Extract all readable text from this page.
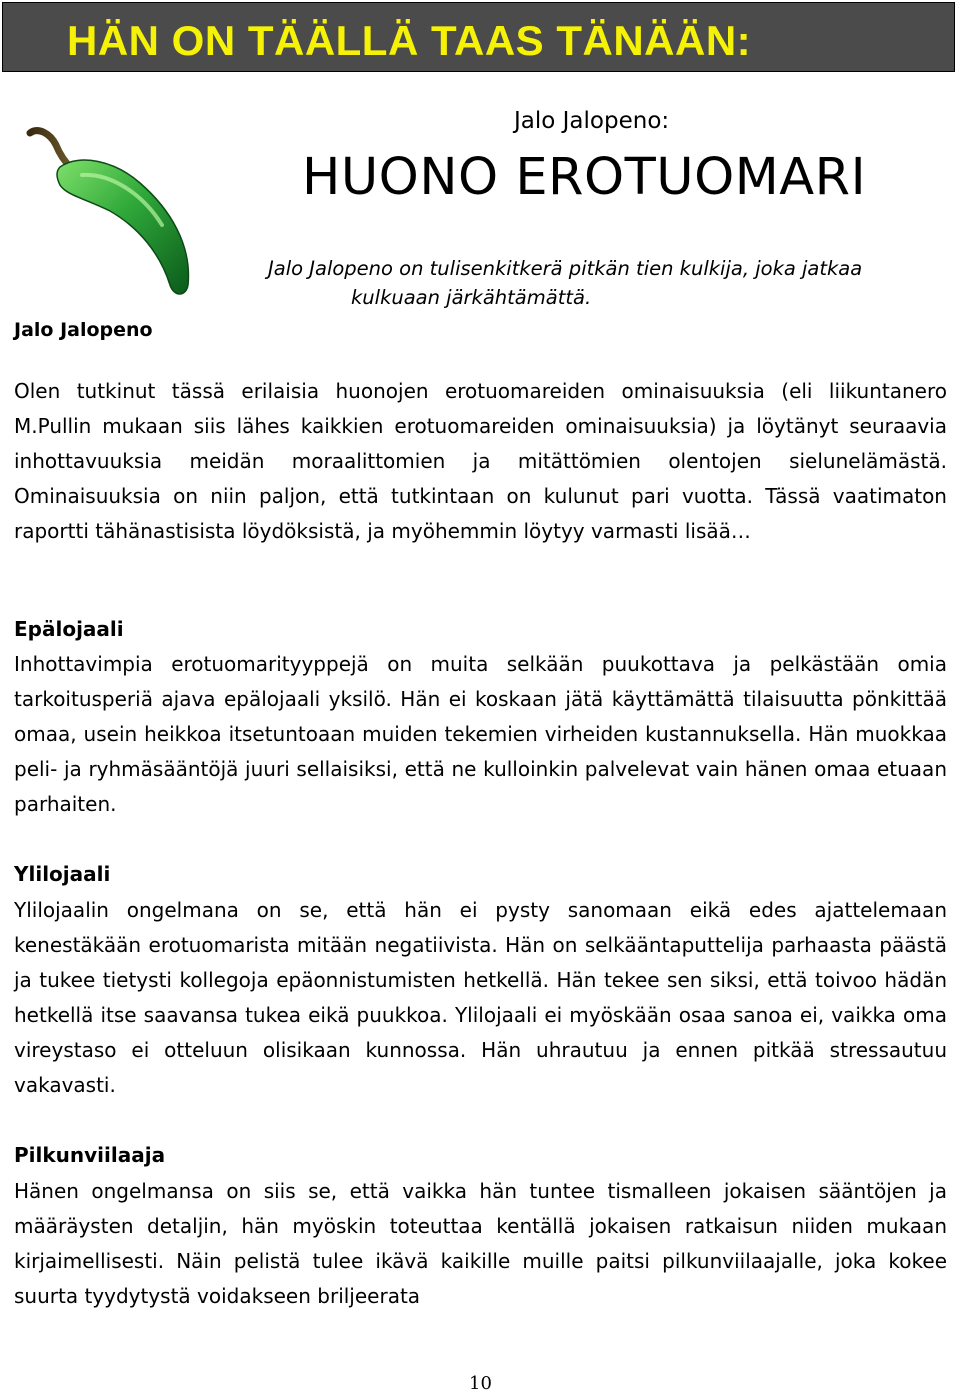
HÄN ON TÄÄLLÄ TAAS TÄNÄÄN:
Jalo Jalopeno
Jalo Jalopeno:
HUONO EROTUOMARI
Jalo Jalopeno on tulisenkitkerä pitkän tien kulkija, joka jatkaa
kulkuaan järkähtämättä.
Olen tutkinut tässä erilaisia huonojen erotuomareiden ominaisuuksia (eli liikuntanero M.Pullin mukaan siis lähes kaikkien erotuomareiden ominaisuuksia) ja löytänyt seuraavia inhottavuuksia meidän moraalittomien ja mitättömien olentojen sielunelämästä. Ominaisuuksia on niin paljon, että tutkintaan on kulunut pari vuotta. Tässä vaatimaton raportti tähänastisista löydöksistä, ja myöhemmin löytyy varmasti lisää…
Epälojaali
Inhottavimpia erotuomarityyppejä on muita selkään puukottava ja pelkästään omia tarkoitusperiä ajava epälojaali yksilö. Hän ei koskaan jätä käyttämättä tilaisuutta pönkittää omaa, usein heikkoa itsetuntoaan muiden tekemien virheiden kustannuksella. Hän muokkaa peli- ja ryhmäsääntöjä juuri sellaisiksi, että ne kulloinkin palvelevat vain hänen omaa etuaan parhaiten.
Ylilojaali
Ylilojaalin ongelmana on se, että hän ei pysty sanomaan eikä edes ajattelemaan kenestäkään erotuomarista mitään negatiivista. Hän on selkääntaputtelija parhaasta päästä ja tukee tietysti kollegoja epäonnistumisten hetkellä. Hän tekee sen siksi, että toivoo hädän hetkellä itse saavansa tukea eikä puukkoa. Ylilojaali ei myöskään osaa sanoa ei, vaikka oma vireystaso ei otteluun olisikaan kunnossa. Hän uhrautuu ja ennen pitkää stressautuu vakavasti.
Pilkunviilaaja
Hänen ongelmansa on siis se, että vaikka hän tuntee tismalleen jokaisen sääntöjen ja määräysten detaljin, hän myöskin toteuttaa kentällä jokaisen ratkaisun niiden mukaan kirjaimellisesti. Näin pelistä tulee ikävä kaikille muille paitsi pilkunviilaajalle, joka kokee suurta tyydytystä voidakseen briljeerata
10
